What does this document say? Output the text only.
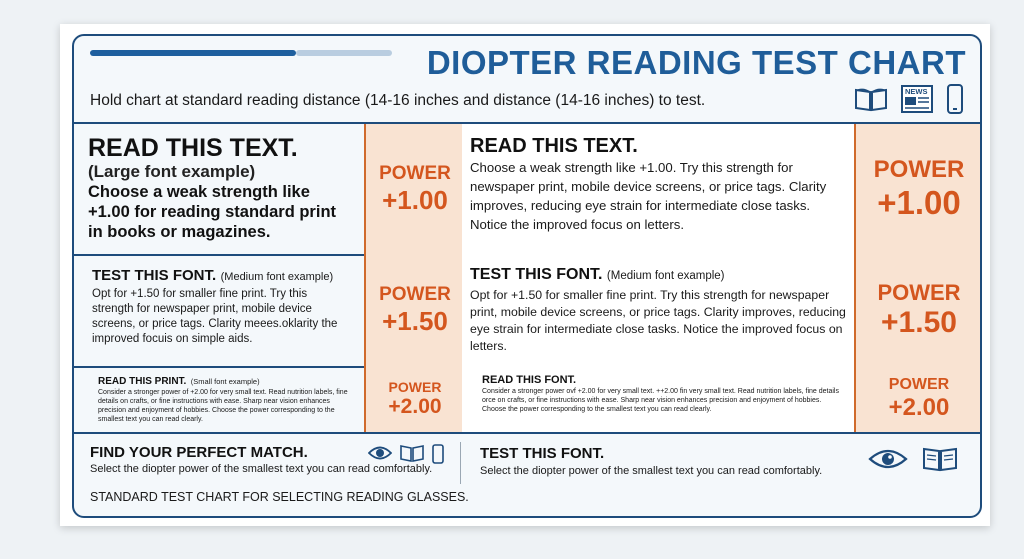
DIOPTER READING TEST CHART
Hold chart at standard reading distance (14-16 inches and distance (14-16 inches) to test.
NEWS
READ THIS TEXT.
(Large font example)
Choose a weak strength like +1.00 for reading standard print in books or magazines.
POWER
+1.00
READ THIS TEXT.
Choose a weak strength like +1.00. Try this strength for newspaper print, mobile device screens, or price tags. Clarity improves, reducing eye strain for intermediate close tasks. Notice the improved focus on letters.
POWER
+1.00
TEST THIS FONT. (Medium font example)
Opt for +1.50 for smaller fine print. Try this strength for newspaper print, mobile device screens, or price tags. Clarity meees.oklarity the improved focuis on simple aids.
POWER
+1.50
TEST THIS FONT. (Medium font example)
Opt for +1.50 for smaller fine print. Try this strength for newspaper print, mobile device screens, or price tags. Clarity improves, reducing eye strain for intermediate close tasks. Notice the improved focus on letters.
POWER
+1.50
READ THIS PRINT. (Small font example)
Consider a stronger power of +2.00 for very small text. Read nutrition labels, fine details on crafts, or fine instructions with ease. Sharp near vision enhances precision and enjoyment of hobbies. Choose the power corresponding to the smallest text you can read clearly.
POWER
+2.00
READ THIS FONT.
Consider a stronger power ovf +2.00 for very small text. ++2.00 fin very small text. Read nutrition labels, fine details orce on crafts, or fine instructions with ease. Sharp near vision enhances precision and enjoyment of hobbies. Choose the power corresponding to the smallest text you can read clearly.
POWER
+2.00
FIND YOUR PERFECT MATCH.
Select the diopter power of the smallest text you can read comfortably.
TEST THIS FONT.
Select the diopter power of the smallest text you can read comfortably.
STANDARD TEST CHART FOR SELECTING READING GLASSES.
